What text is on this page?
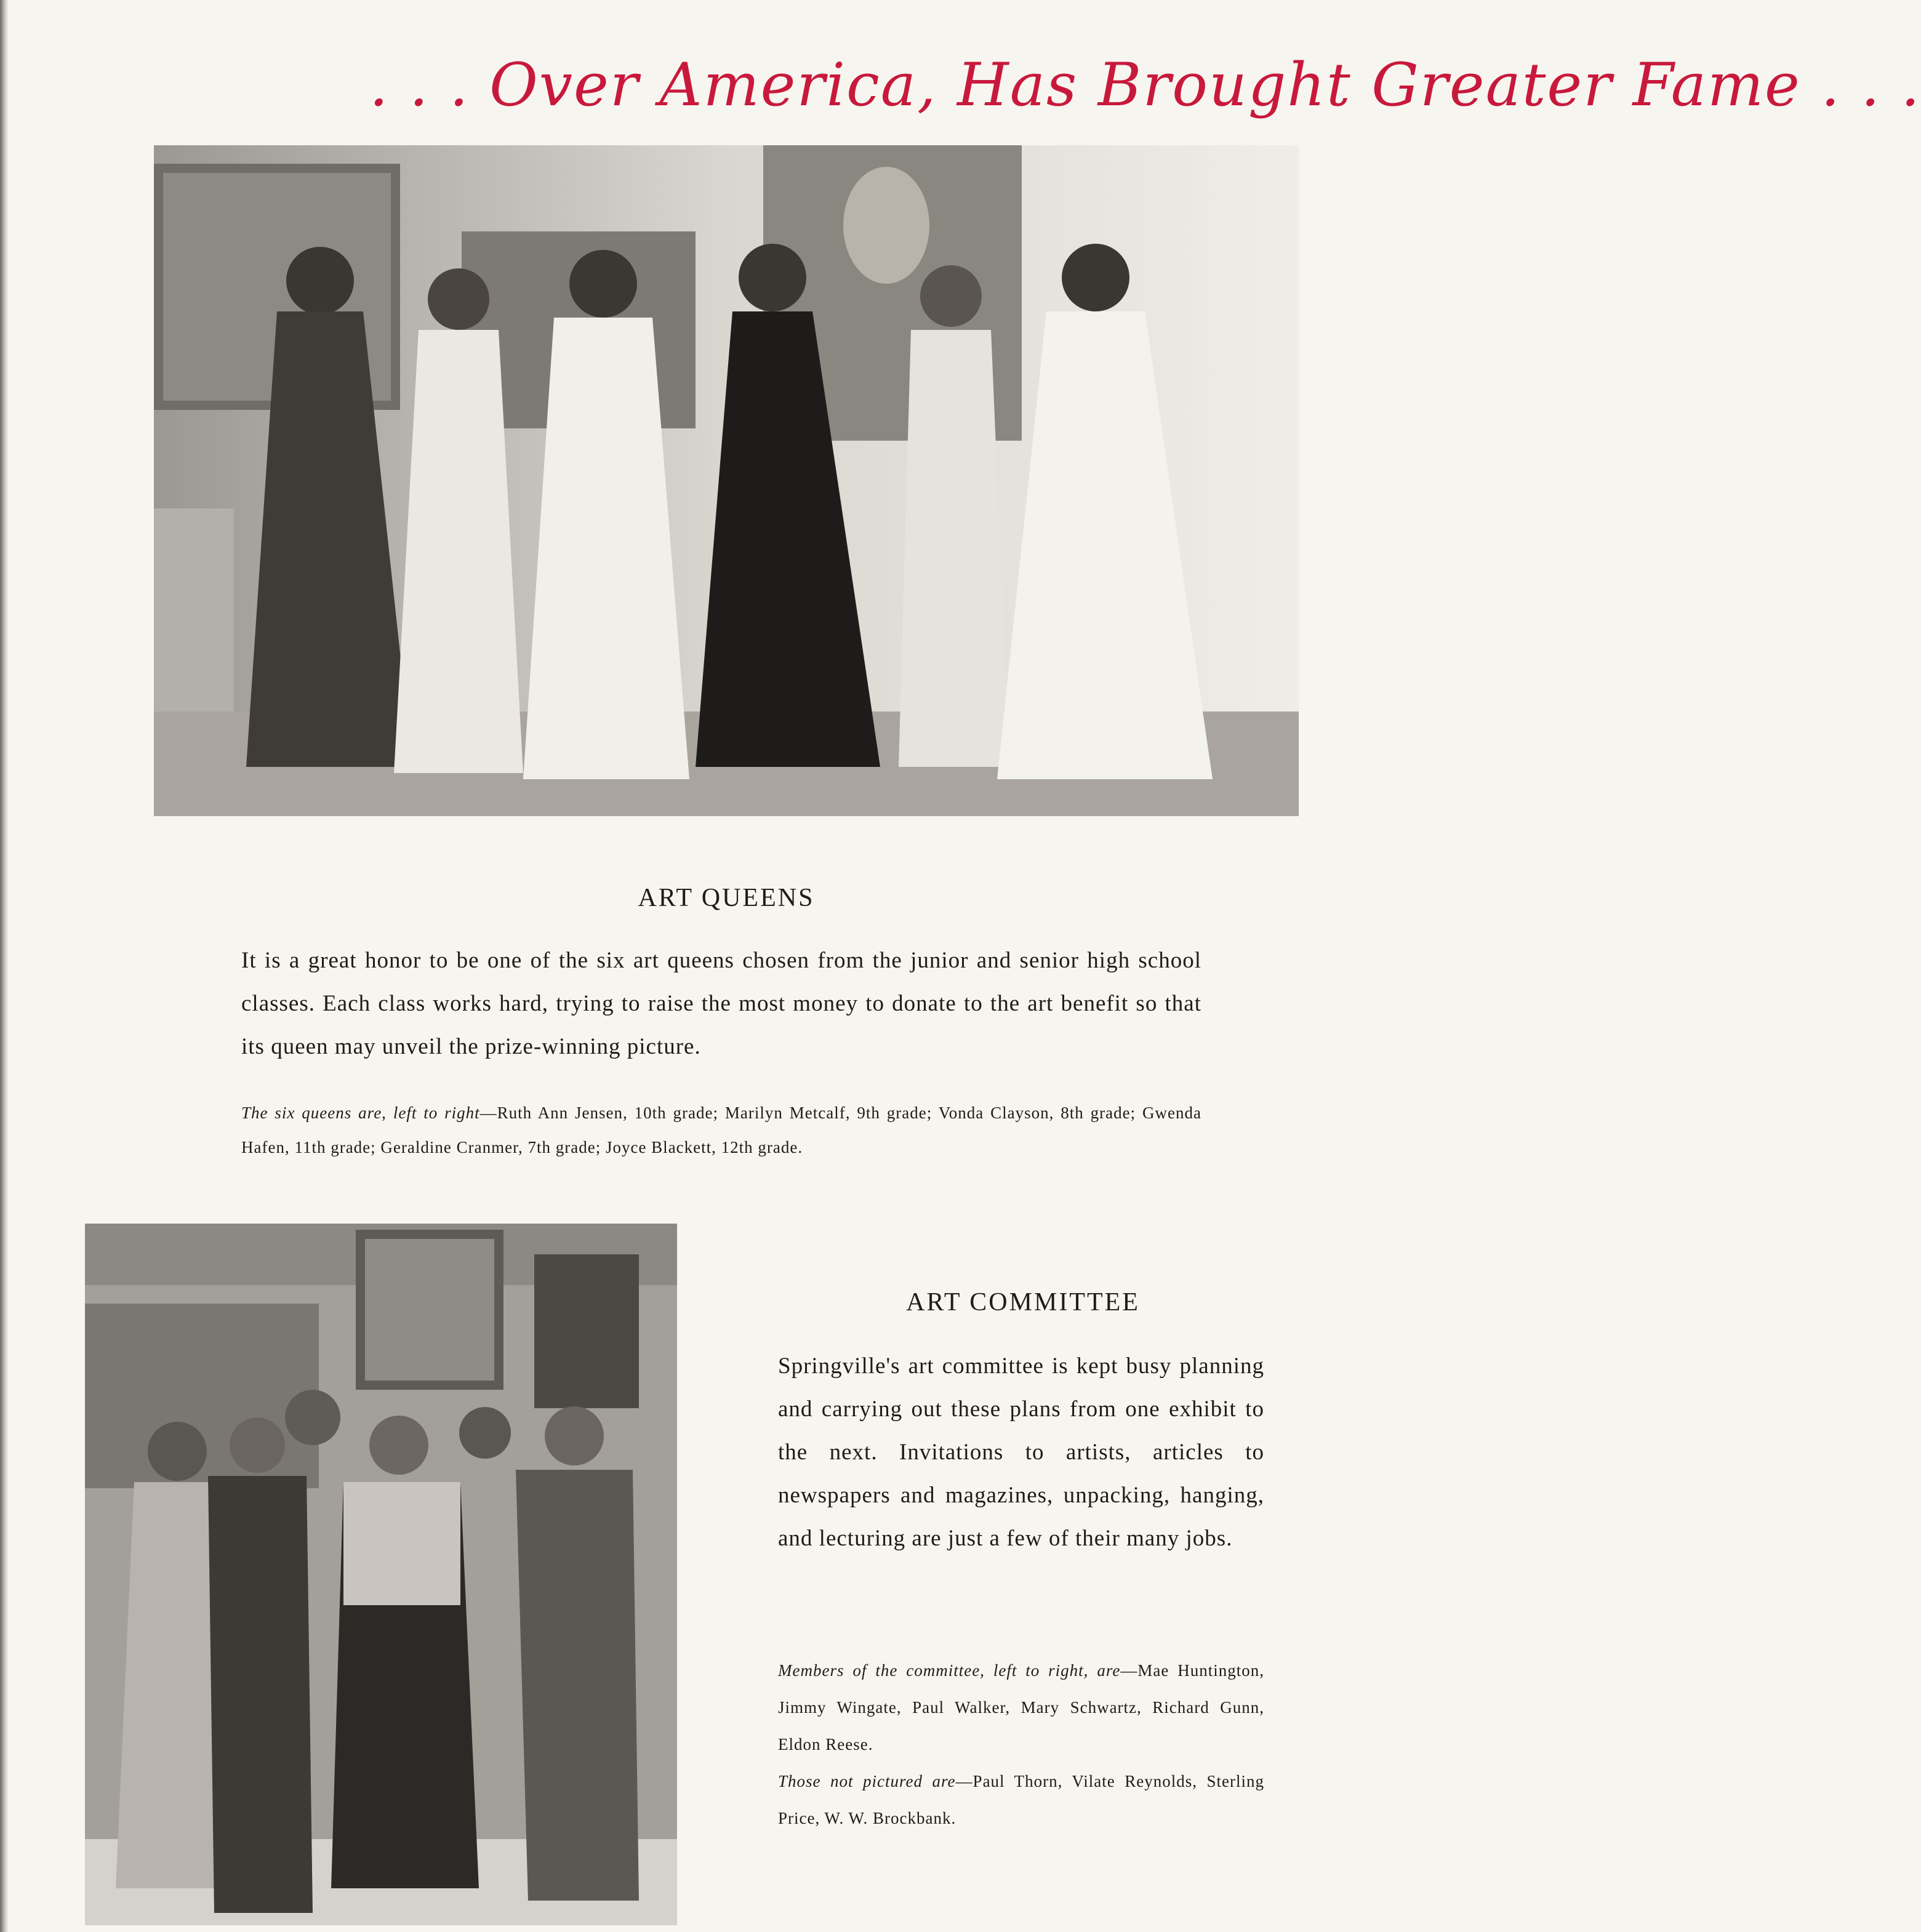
. . . Over America, Has Brought Greater Fame . . .
ART QUEENS
It is a great honor to be one of the six art queens chosen from the junior and senior high school classes. Each class works hard, trying to raise the most money to donate to the art benefit so that its queen may unveil the prize-winning picture.
The six queens are, left to right—Ruth Ann Jensen, 10th grade; Marilyn Metcalf, 9th grade; Vonda Clayson, 8th grade; Gwenda Hafen, 11th grade; Geraldine Cranmer, 7th grade; Joyce Blackett, 12th grade.
ART COMMITTEE
Springville's art committee is kept busy planning and carrying out these plans from one exhibit to the next. Invitations to artists, articles to newspapers and magazines, unpacking, hanging, and lecturing are just a few of their many jobs.
Members of the committee, left to right, are—Mae Huntington, Jimmy Wingate, Paul Walker, Mary Schwartz, Richard Gunn, Eldon Reese.
Those not pictured are—Paul Thorn, Vilate Reynolds, Sterling Price, W. W. Brockbank.
